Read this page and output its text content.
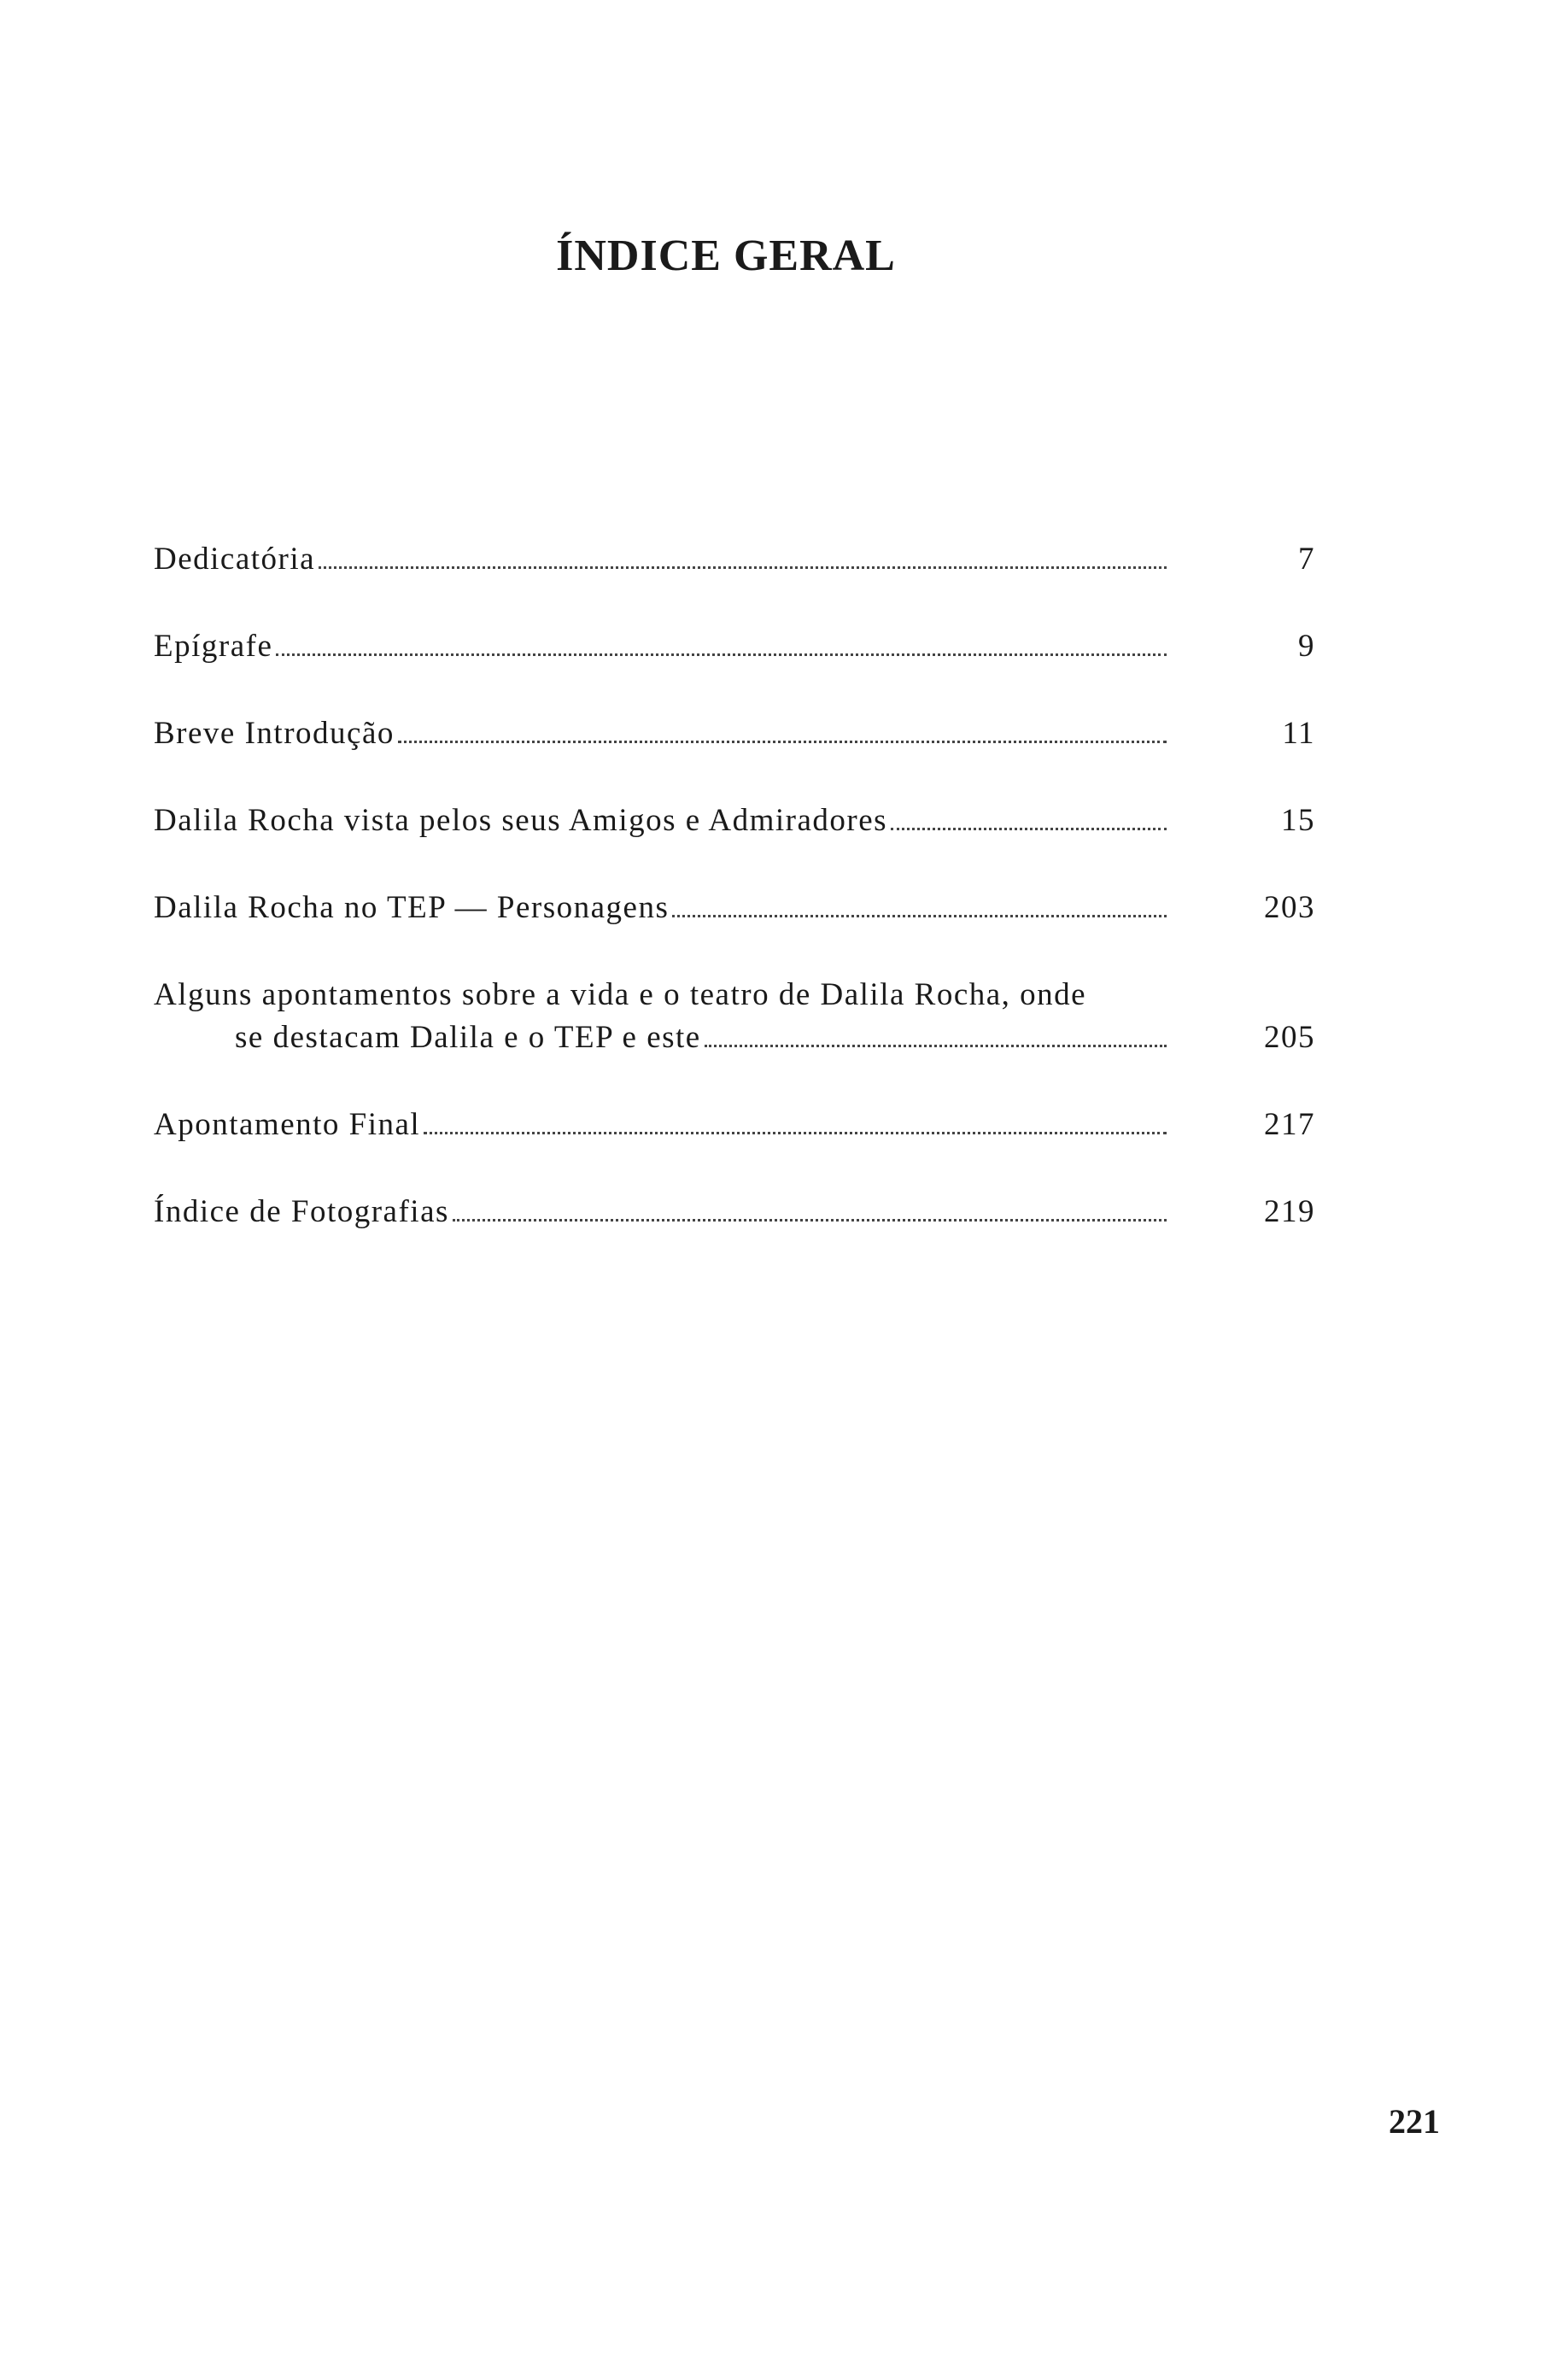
ÍNDICE GERAL
Dedicatória	7
Epígrafe	9
Breve Introdução	11
Dalila Rocha vista pelos seus Amigos e Admiradores	15
Dalila Rocha no TEP — Personagens	203
Alguns apontamentos sobre a vida e o teatro de Dalila Rocha, onde
se destacam Dalila e o TEP e este	205
Apontamento Final	217
Índice de Fotografias	219
221
